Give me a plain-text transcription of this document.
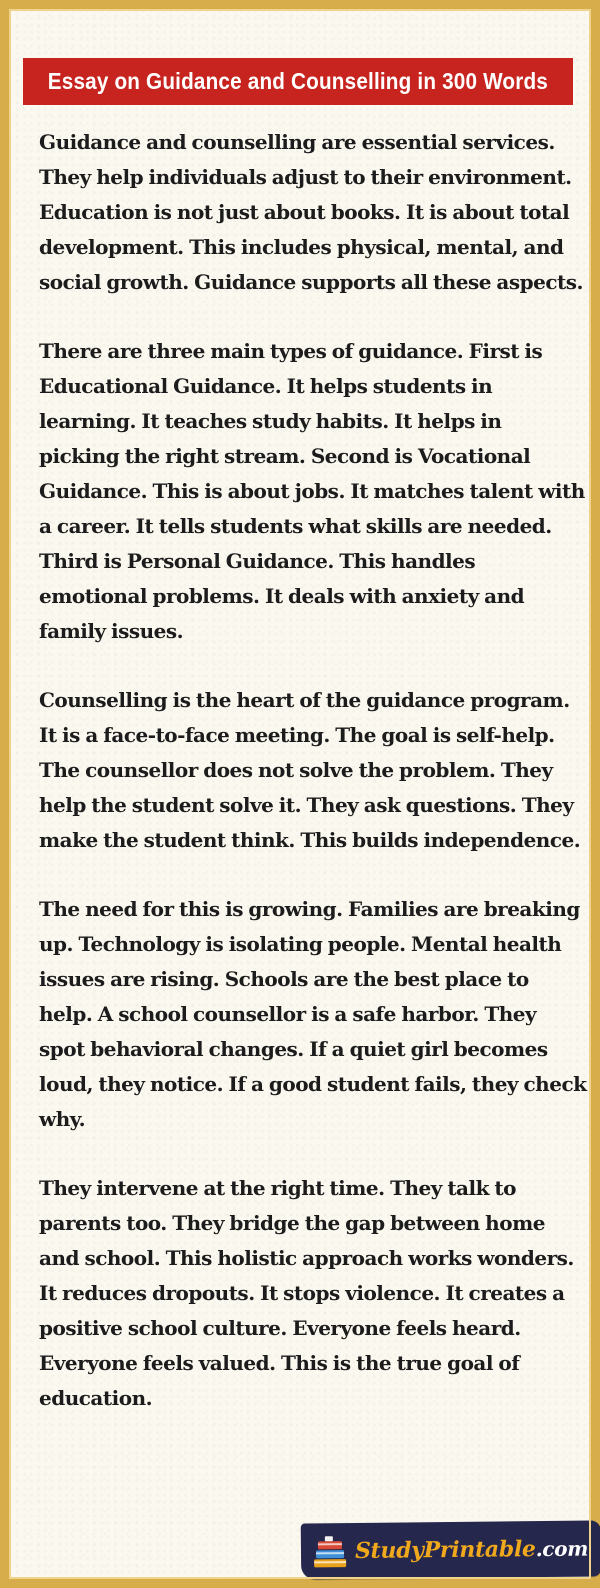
Essay on Guidance and Counselling in 300 Words

Guidance and counselling are essential services. They help individuals adjust to their environment. Education is not just about books. It is about total development. This includes physical, mental, and social growth. Guidance supports all these aspects.

There are three main types of guidance. First is Educational Guidance. It helps students in learning. It teaches study habits. It helps in picking the right stream. Second is Vocational Guidance. This is about jobs. It matches talent with a career. It tells students what skills are needed. Third is Personal Guidance. This handles emotional problems. It deals with anxiety and family issues.

Counselling is the heart of the guidance program. It is a face-to-face meeting. The goal is self-help. The counsellor does not solve the problem. They help the student solve it. They ask questions. They make the student think. This builds independence.

The need for this is growing. Families are breaking up. Technology is isolating people. Mental health issues are rising. Schools are the best place to help. A school counsellor is a safe harbor. They spot behavioral changes. If a quiet girl becomes loud, they notice. If a good student fails, they check why.

They intervene at the right time. They talk to parents too. They bridge the gap between home and school. This holistic approach works wonders. It reduces dropouts. It stops violence. It creates a positive school culture. Everyone feels heard. Everyone feels valued. This is the true goal of education.

StudyPrintable.com
